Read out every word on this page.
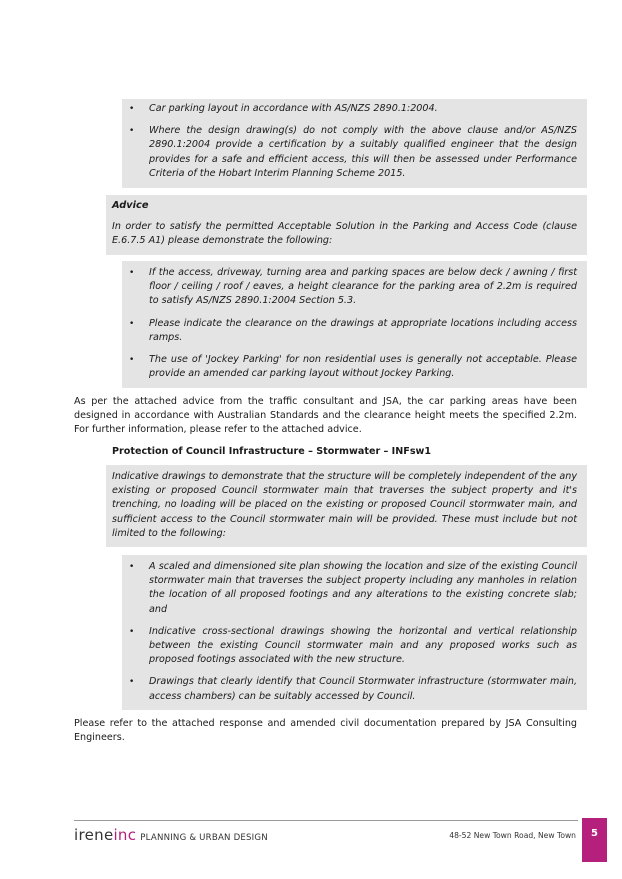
• Car parking layout in accordance with AS/NZS 2890.1:2004.
• Where the design drawing(s) do not comply with the above clause and/or AS/NZS 2890.1:2004 provide a certification by a suitably qualified engineer that the design provides for a safe and efficient access, this will then be assessed under Performance Criteria of the Hobart Interim Planning Scheme 2015.
Advice
In order to satisfy the permitted Acceptable Solution in the Parking and Access Code (clause E.6.7.5 A1) please demonstrate the following:
• If the access, driveway, turning area and parking spaces are below deck / awning / first floor / ceiling / roof / eaves, a height clearance for the parking area of 2.2m is required to satisfy AS/NZS 2890.1:2004 Section 5.3.
• Please indicate the clearance on the drawings at appropriate locations including access ramps.
• The use of 'Jockey Parking' for non residential uses is generally not acceptable. Please provide an amended car parking layout without Jockey Parking.
As per the attached advice from the traffic consultant and JSA, the car parking areas have been designed in accordance with Australian Standards and the clearance height meets the specified 2.2m. For further information, please refer to the attached advice.
Protection of Council Infrastructure – Stormwater – INFsw1
Indicative drawings to demonstrate that the structure will be completely independent of the any existing or proposed Council stormwater main that traverses the subject property and it's trenching, no loading will be placed on the existing or proposed Council stormwater main, and sufficient access to the Council stormwater main will be provided. These must include but not limited to the following:
• A scaled and dimensioned site plan showing the location and size of the existing Council stormwater main that traverses the subject property including any manholes in relation the location of all proposed footings and any alterations to the existing concrete slab; and
• Indicative cross-sectional drawings showing the horizontal and vertical relationship between the existing Council stormwater main and any proposed works such as proposed footings associated with the new structure.
• Drawings that clearly identify that Council Stormwater infrastructure (stormwater main, access chambers) can be suitably accessed by Council.
Please refer to the attached response and amended civil documentation prepared by JSA Consulting Engineers.
ireneinc PLANNING & URBAN DESIGN	48-52 New Town Road, New Town	5
